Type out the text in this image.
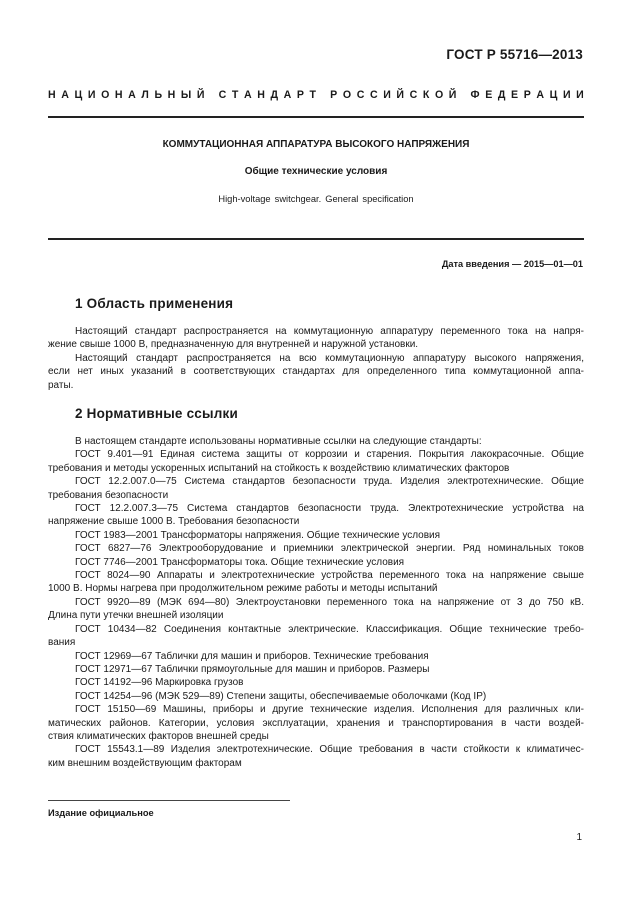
ГОСТ Р 55716—2013
Н А Ц И О Н А Л Ь Н Ы Й
С Т А Н Д А Р Т
Р О С С И Й С К О Й
Ф Е Д Е Р А Ц И И
КОММУТАЦИОННАЯ АППАРАТУРА ВЫСОКОГО НАПРЯЖЕНИЯ
Общие технические условия
High-voltage switchgear. General specification
Дата введения — 2015—01—01
1 Область применения
Настоящий стандарт распространяется на коммутационную аппаратуру переменного тока на напря-
жение свыше 1000 В, предназначенную для внутренней и наружной установки.
Настоящий стандарт распространяется на всю коммутационную аппаратуру высокого напряжения,
если нет иных указаний в соответствующих стандартах для определенного типа коммутационной аппа-
раты.
2 Нормативные ссылки
В настоящем стандарте использованы нормативные ссылки на следующие стандарты:
ГОСТ 9.401—91 Единая система защиты от коррозии и старения. Покрытия лакокрасочные. Общие
требования и методы ускоренных испытаний на стойкость к воздействию климатических факторов
ГОСТ 12.2.007.0—75 Система стандартов безопасности труда. Изделия электротехнические. Общие
требования безопасности
ГОСТ 12.2.007.3—75 Система стандартов безопасности труда. Электротехнические устройства на
напряжение свыше 1000 В. Требования безопасности
ГОСТ 1983—2001 Трансформаторы напряжения. Общие технические условия
ГОСТ 6827—76 Электрооборудование и приемники электрической энергии. Ряд номинальных токов
ГОСТ 7746—2001 Трансформаторы тока. Общие технические условия
ГОСТ 8024—90 Аппараты и электротехнические устройства переменного тока на напряжение свыше
1000 В. Нормы нагрева при продолжительном режиме работы и методы испытаний
ГОСТ 9920—89 (МЭК 694—80) Электроустановки переменного тока на напряжение от 3 до 750 кВ.
Длина пути утечки внешней изоляции
ГОСТ 10434—82 Соединения контактные электрические. Классификация. Общие технические требо-
вания
ГОСТ 12969—67 Таблички для машин и приборов. Технические требования
ГОСТ 12971—67 Таблички прямоугольные для машин и приборов. Размеры
ГОСТ 14192—96 Маркировка грузов
ГОСТ 14254—96 (МЭК 529—89) Степени защиты, обеспечиваемые оболочками (Код IP)
ГОСТ 15150—69 Машины, приборы и другие технические изделия. Исполнения для различных кли-
матических районов. Категории, условия эксплуатации, хранения и транспортирования в части воздей-
ствия климатических факторов внешней среды
ГОСТ 15543.1—89 Изделия электротехнические. Общие требования в части стойкости к климатичес-
ким внешним воздействующим факторам
Издание официальное
1
